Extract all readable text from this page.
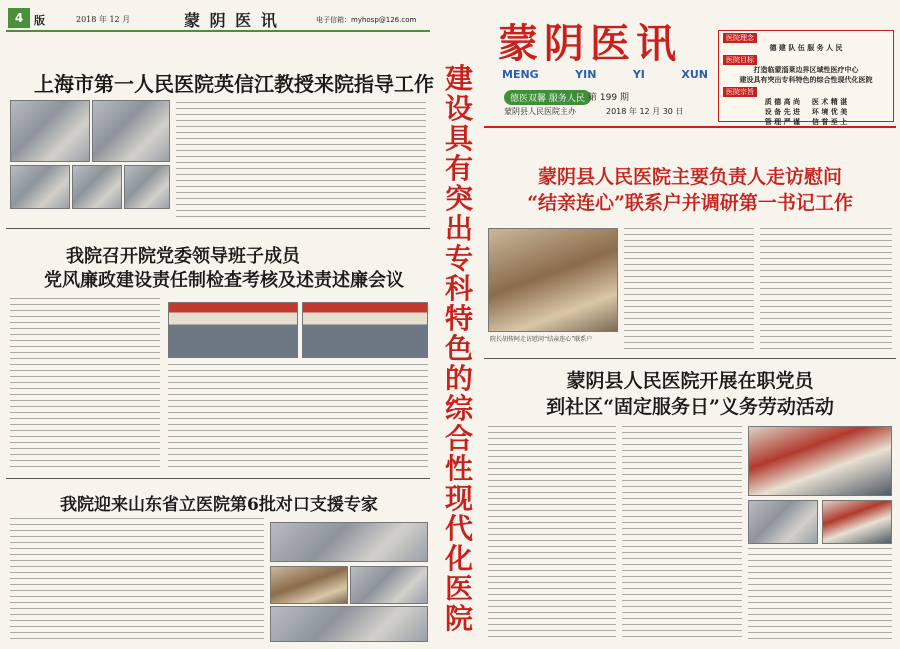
4 版	2018 年 12 月	蒙 阴 医 讯	电子信箱：myhosp@126.com
上海市第一人民医院英信江教授来院指导工作
我院召开院党委领导班子成员
党风廉政建设责任制检查考核及述责述廉会议
我院迎来山东省立医院第6批对口支援专家
建
设
具
有
突
出
专
科
特
色
的
综
合
性
现
代
化
医
院
蒙阴医讯
MENG	YIN	YI	XUN
德医双馨 服务人民 第 199 期
蒙阴县人民医院主办	2018 年 12 月 30 日
医院理念
德 建 队 伍 服 务 人 民
医院目标
打造临蒙淄莱边界区域性医疗中心
建设具有突出专科特色的综合性现代化医院
医院宗旨
质 德 高 尚 　 医 术 精 湛
设 备 先 进 　 环 境 优 美
管 理 严 谨 　 信 誉 至 上
蒙阴县人民医院主要负责人走访慰问
“结亲连心”联系户并调研第一书记工作
院长胡传阿走访慰问“结亲连心”联系户
蒙阴县人民医院开展在职党员
到社区“固定服务日”义务劳动活动
